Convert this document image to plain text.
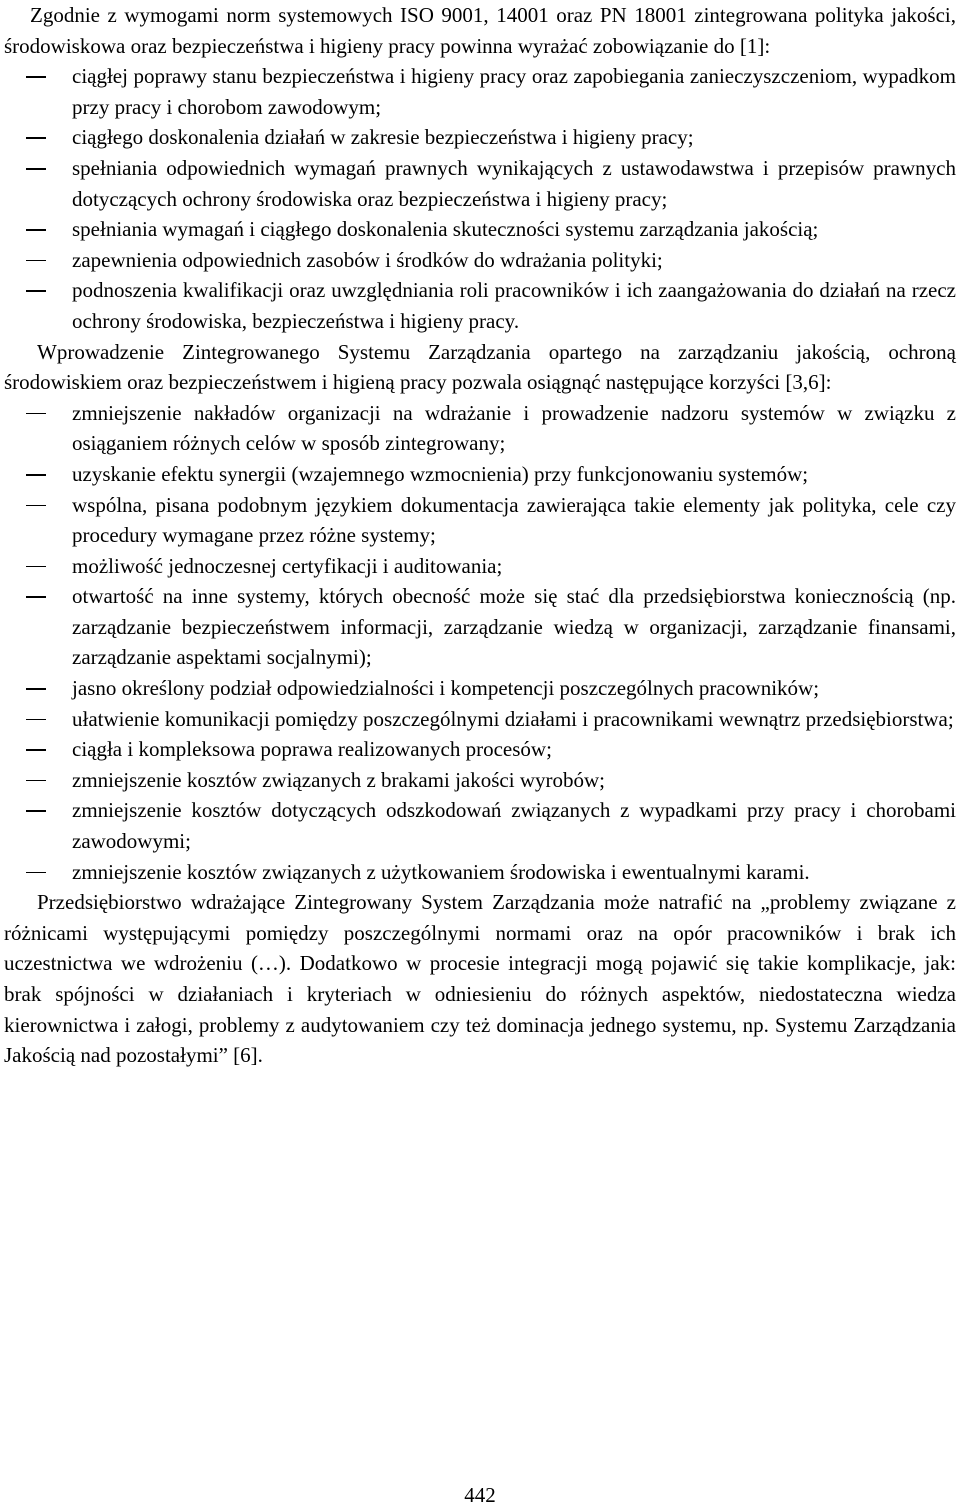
Zgodnie z wymogami norm systemowych ISO 9001, 14001 oraz PN 18001 zintegrowana polityka jakości, środowiskowa oraz bezpieczeństwa i higieny pracy powinna wyrażać zobowiązanie do [1]:

ciągłej poprawy stanu bezpieczeństwa i higieny pracy oraz zapobiegania zanieczyszczeniom, wypadkom przy pracy i chorobom zawodowym;
ciągłego doskonalenia działań w zakresie bezpieczeństwa i higieny pracy;
spełniania odpowiednich wymagań prawnych wynikających z ustawodawstwa i przepisów prawnych dotyczących ochrony środowiska oraz bezpieczeństwa i higieny pracy;
spełniania wymagań i ciągłego doskonalenia skuteczności systemu zarządzania jakością;
zapewnienia odpowiednich zasobów i środków do wdrażania polityki;
podnoszenia kwalifikacji oraz uwzględniania roli pracowników i ich zaangażowania do działań na rzecz ochrony środowiska, bezpieczeństwa i higieny pracy.

Wprowadzenie Zintegrowanego Systemu Zarządzania opartego na zarządzaniu jakością, ochroną środowiskiem oraz bezpieczeństwem i higieną pracy pozwala osiągnąć następujące korzyści [3,6]:

zmniejszenie nakładów organizacji na wdrażanie i prowadzenie nadzoru systemów w związku z osiąganiem różnych celów w sposób zintegrowany;
uzyskanie efektu synergii (wzajemnego wzmocnienia) przy funkcjonowaniu systemów;
wspólna, pisana podobnym językiem dokumentacja zawierająca takie elementy jak polityka, cele czy procedury wymagane przez różne systemy;
możliwość jednoczesnej certyfikacji i auditowania;
otwartość na inne systemy, których obecność może się stać dla przedsiębiorstwa koniecznością (np. zarządzanie bezpieczeństwem informacji, zarządzanie wiedzą w organizacji, zarządzanie finansami, zarządzanie aspektami socjalnymi);
jasno określony podział odpowiedzialności i kompetencji poszczególnych pracowników;
ułatwienie komunikacji pomiędzy poszczególnymi działami i pracownikami wewnątrz przedsiębiorstwa;
ciągła i kompleksowa poprawa realizowanych procesów;
zmniejszenie kosztów związanych z brakami jakości wyrobów;
zmniejszenie kosztów dotyczących odszkodowań związanych z wypadkami przy pracy i chorobami zawodowymi;
zmniejszenie kosztów związanych z użytkowaniem środowiska i ewentualnymi karami.

Przedsiębiorstwo wdrażające Zintegrowany System Zarządzania może natrafić na „problemy związane z różnicami występującymi pomiędzy poszczególnymi normami oraz na opór pracowników i brak ich uczestnictwa we wdrożeniu (…). Dodatkowo w procesie integracji mogą pojawić się takie komplikacje, jak: brak spójności w działaniach i kryteriach w odniesieniu do różnych aspektów, niedostateczna wiedza kierownictwa i załogi, problemy z audytowaniem czy też dominacja jednego systemu, np. Systemu Zarządzania Jakością nad pozostałymi” [6].

442
